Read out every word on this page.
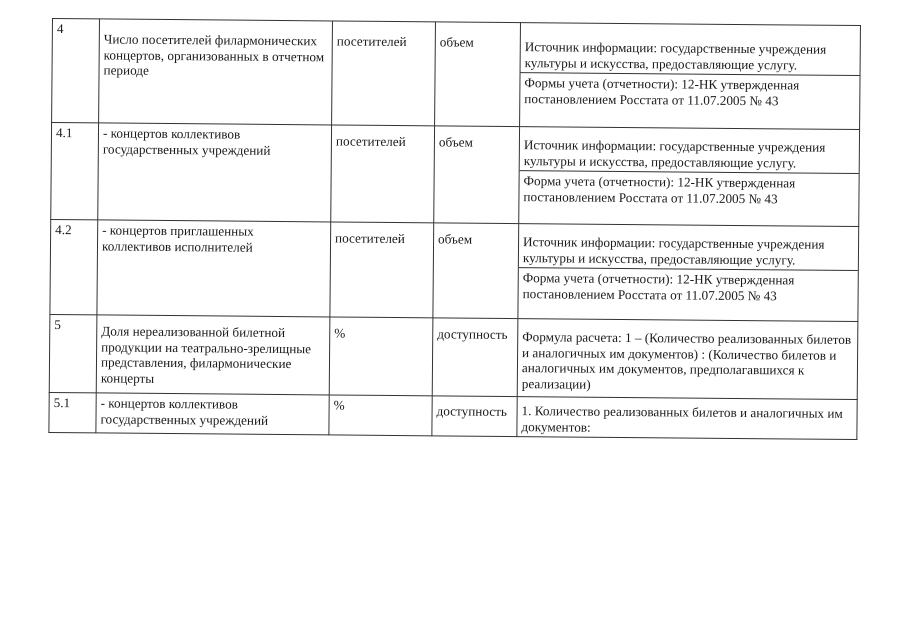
4	Число посетителей филармонических концертов, организованных в отчетном периоде	посетителей	объем	Источник информации: государственные учреждения культуры и искусства, предоставляющие услугу.

Формы учета (отчетности): 12-НК утвержденная постановлением Росстата от 11.07.2005 № 43

4.1	- концертов коллективов государственных учреждений	посетителей	объем	Источник информации: государственные учреждения культуры и искусства, предоставляющие услугу.

Форма учета (отчетности): 12-НК утвержденная постановлением Росстата от 11.07.2005 № 43

4.2	- концертов приглашенных коллективов исполнителей	посетителей	объем	Источник информации: государственные учреждения культуры и искусства, предоставляющие услугу.

Форма учета (отчетности): 12-НК утвержденная постановлением Росстата от 11.07.2005 № 43

5	Доля нереализованной билетной продукции на театрально-зрелищные представления, филармонические концерты	%	доступность	Формула расчета: 1 – (Количество реализованных билетов и аналогичных им документов) : (Количество билетов и аналогичных им документов, предполагавшихся к реализации)

5.1	- концертов коллективов государственных учреждений	%	доступность	1. Количество реализованных билетов и аналогичных им документов:
